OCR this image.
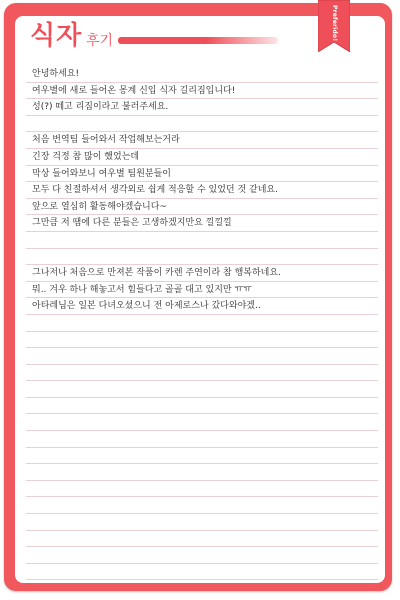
식자 후기	Preferido!
안녕하세요!
여우별에 새로 들어온 몽계 신입 식자 길리짐입니다!
성(?) 떼고 리짐이라고 불러주세요.
처음 번역팀 들어와서 작업해보는거라
긴장 걱정 참 많이 했었는데
막상 들어와보니 여우별 팀원분들이
모두 다 친절하셔서 생각외로 쉽게 적응할 수 있었던 것 같네요.
앞으로 열심히 활동해야겠습니다~
그만큼 저 땜에 다른 분들은 고생하겠지만요 낄낄낄
그나저나 처음으로 만져본 작품이 카렌 주연이라 참 행복하네요.
뭐.. 겨우 하나 해놓고서 힘들다고 골골 대고 있지만 ㅠㅠ
아타레님은 일본 다녀오셨으니 전 아제로스나 갔다와야겠..
